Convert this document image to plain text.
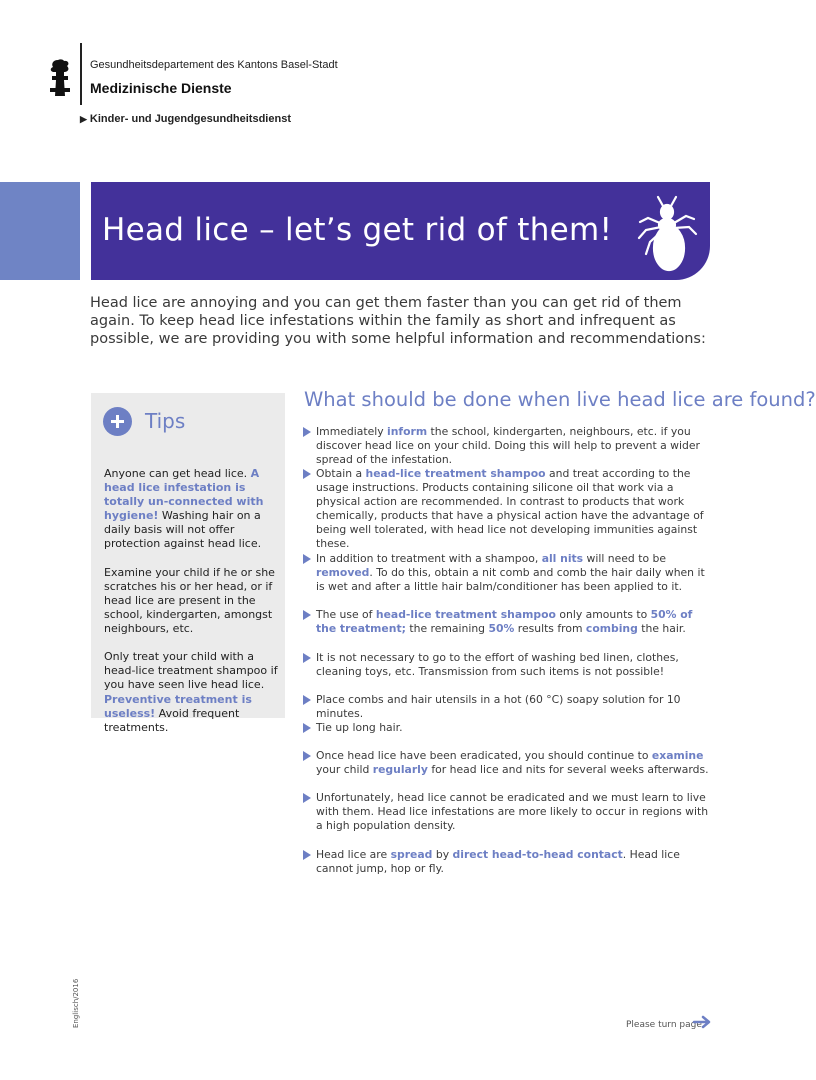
Gesundheitsdepartement des Kantons Basel-Stadt
Medizinische Dienste
▶ Kinder- und Jugendgesundheitsdienst
Head lice – let’s get rid of them!
Head lice are annoying and you can get them faster than you can get rid of them again. To keep head lice infestations within the family as short and infrequent as possible, we are providing you with some helpful information and recommendations:
Tips

Anyone can get head lice. A head lice infestation is totally un-connected with hygiene! Washing hair on a daily basis will not offer protection against head lice.

Examine your child if he or she scratches his or her head, or if head lice are present in the school, kindergarten, amongst neighbours, etc.

Only treat your child with a head-lice treatment shampoo if you have seen live head lice. Preventive treatment is useless! Avoid frequent treatments.

What should be done when live head lice are found?
Immediately inform the school, kindergarten, neighbours, etc. if you discover head lice on your child. Doing this will help to prevent a wider spread of the infestation.
Obtain a head-lice treatment shampoo and treat according to the usage instructions. Products containing silicone oil that work via a physical action are recommended. In contrast to products that work chemically, products that have a physical action have the advantage of being well tolerated, with head lice not developing immunities against these.
In addition to treatment with a shampoo, all nits will need to be removed. To do this, obtain a nit comb and comb the hair daily when it is wet and after a little hair balm/conditioner has been applied to it.
The use of head-lice treatment shampoo only amounts to 50% of the treatment; the remaining 50% results from combing the hair.
It is not necessary to go to the effort of washing bed linen, clothes, cleaning toys, etc. Transmission from such items is not possible!
Place combs and hair utensils in a hot (60 °C) soapy solution for 10 minutes.
Tie up long hair.
Once head lice have been eradicated, you should continue to examine your child regularly for head lice and nits for several weeks afterwards.
Unfortunately, head lice cannot be eradicated and we must learn to live with them. Head lice infestations are more likely to occur in regions with a high population density.
Head lice are spread by direct head-to-head contact. Head lice cannot jump, hop or fly.
Englisch/2016	Please turn page
